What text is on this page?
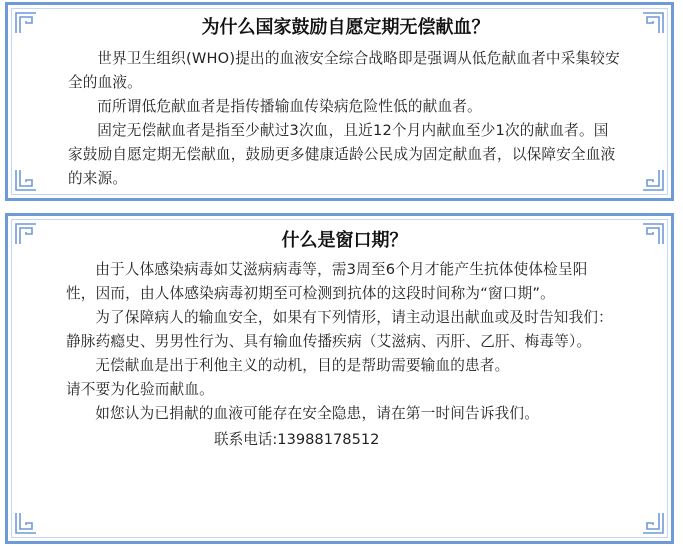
为什么国家鼓励自愿定期无偿献血？

世界卫生组织(WHO)提出的血液安全综合战略即是强调从低危献血者中采集较安全的血液。

而所谓低危献血者是指传播输血传染病危险性低的献血者。

固定无偿献血者是指至少献过3次血，且近12个月内献血至少1次的献血者。国家鼓励自愿定期无偿献血，鼓励更多健康适龄公民成为固定献血者，以保障安全血液的来源。

什么是窗口期？

由于人体感染病毒如艾滋病病毒等，需3周至6个月才能产生抗体使体检呈阳

性，因而，由人体感染病毒初期至可检测到抗体的这段时间称为“窗口期”。

为了保障病人的输血安全，如果有下列情形，请主动退出献血或及时告知我们：静脉药瘾史、男男性行为、具有输血传播疾病（艾滋病、丙肝、乙肝、梅毒等）。

无偿献血是出于利他主义的动机，目的是帮助需要输血的患者。

请不要为化验而献血。

如您认为已捐献的血液可能存在安全隐患，请在第一时间告诉我们。

联系电话:13988178512
